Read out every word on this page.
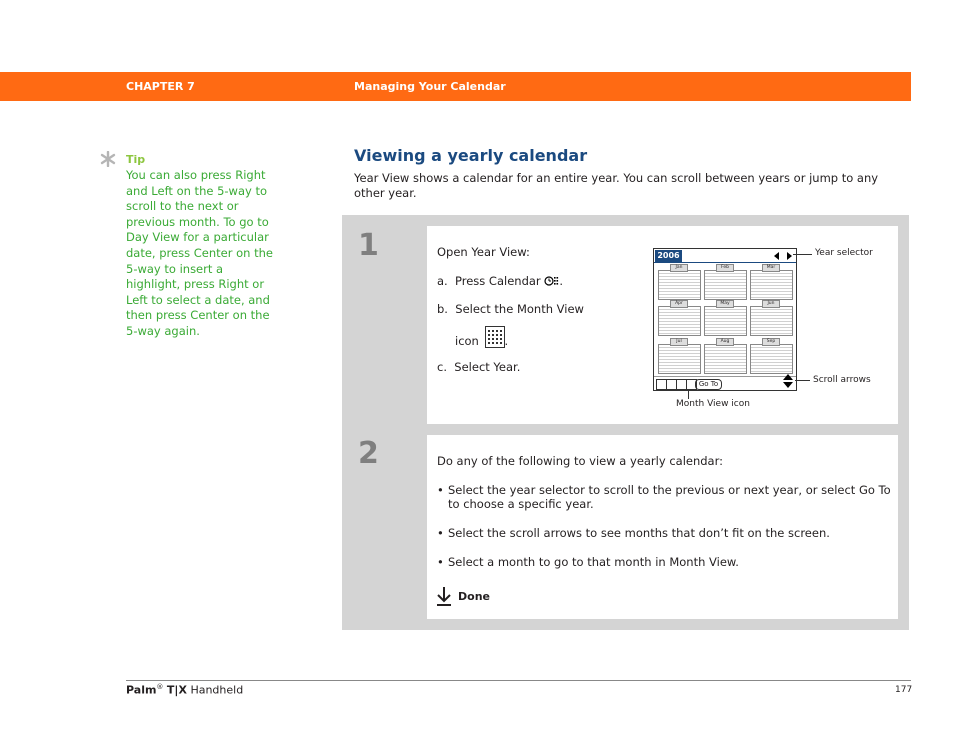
CHAPTER 7	Managing Your Calendar
Tip
You can also press Right and Left on the 5-way to scroll to the next or previous month. To go to Day View for a particular date, press Center on the 5-way to insert a highlight, press Right or Left to select a date, and then press Center on the 5-way again.
Viewing a yearly calendar
Year View shows a calendar for an entire year. You can scroll between years or jump to any other year.
1
2
Open Year View:
a. Press Calendar .
b. Select the Month View
icon .
c. Select Year.
2006
Jan	Feb	Mar
Apr	May	Jun
Jul	Aug	Sep
Go To
Year selector
Scroll arrows
Month View icon
Do any of the following to view a yearly calendar:
• Select the year selector to scroll to the previous or next year, or select Go To to choose a specific year.
• Select the scroll arrows to see months that don’t fit on the screen.
• Select a month to go to that month in Month View.
Done
Palm® T|X Handheld	177
